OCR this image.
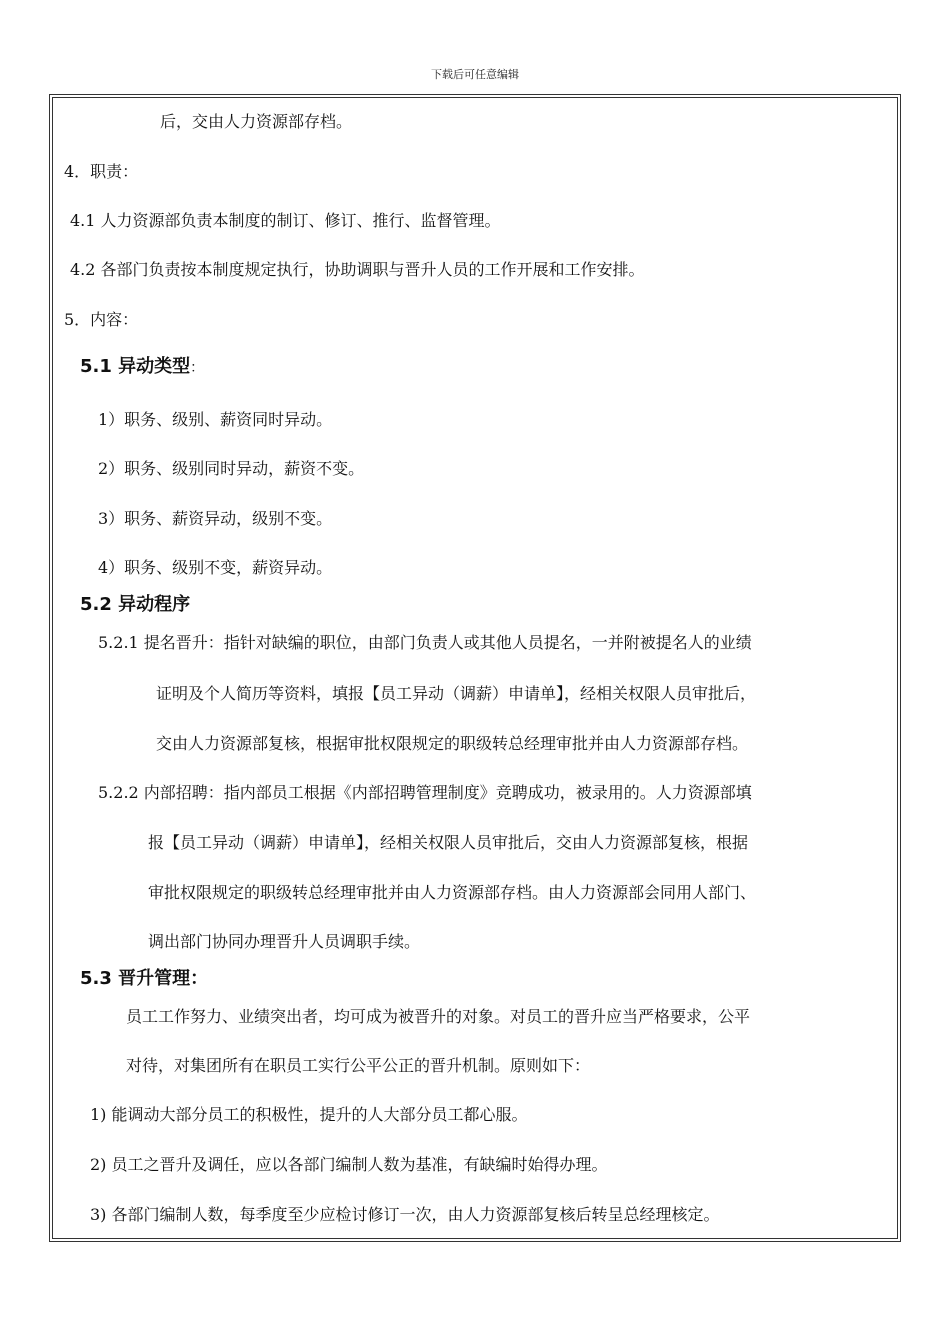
下载后可任意编辑
后，交由人力资源部存档。
4．职责：
4.1 人力资源部负责本制度的制订、修订、推行、监督管理。
4.2 各部门负责按本制度规定执行，协助调职与晋升人员的工作开展和工作安排。
5．内容：
5.1 异动类型：
1）职务、级别、薪资同时异动。
2）职务、级别同时异动，薪资不变。
3）职务、薪资异动，级别不变。
4）职务、级别不变，薪资异动。
5.2 异动程序
5.2.1 提名晋升：指针对缺编的职位，由部门负责人或其他人员提名，一并附被提名人的业绩
证明及个人简历等资料，填报【员工异动（调薪）申请单】，经相关权限人员审批后，
交由人力资源部复核，根据审批权限规定的职级转总经理审批并由人力资源部存档。
5.2.2 内部招聘：指内部员工根据《内部招聘管理制度》竞聘成功，被录用的。人力资源部填
报【员工异动（调薪）申请单】，经相关权限人员审批后，交由人力资源部复核，根据
审批权限规定的职级转总经理审批并由人力资源部存档。由人力资源部会同用人部门、
调出部门协同办理晋升人员调职手续。
5.3 晋升管理：
员工工作努力、业绩突出者，均可成为被晋升的对象。对员工的晋升应当严格要求，公平
对待，对集团所有在职员工实行公平公正的晋升机制。原则如下：
1) 能调动大部分员工的积极性，提升的人大部分员工都心服。
2) 员工之晋升及调任，应以各部门编制人数为基准，有缺编时始得办理。
3) 各部门编制人数，每季度至少应检讨修订一次，由人力资源部复核后转呈总经理核定。
